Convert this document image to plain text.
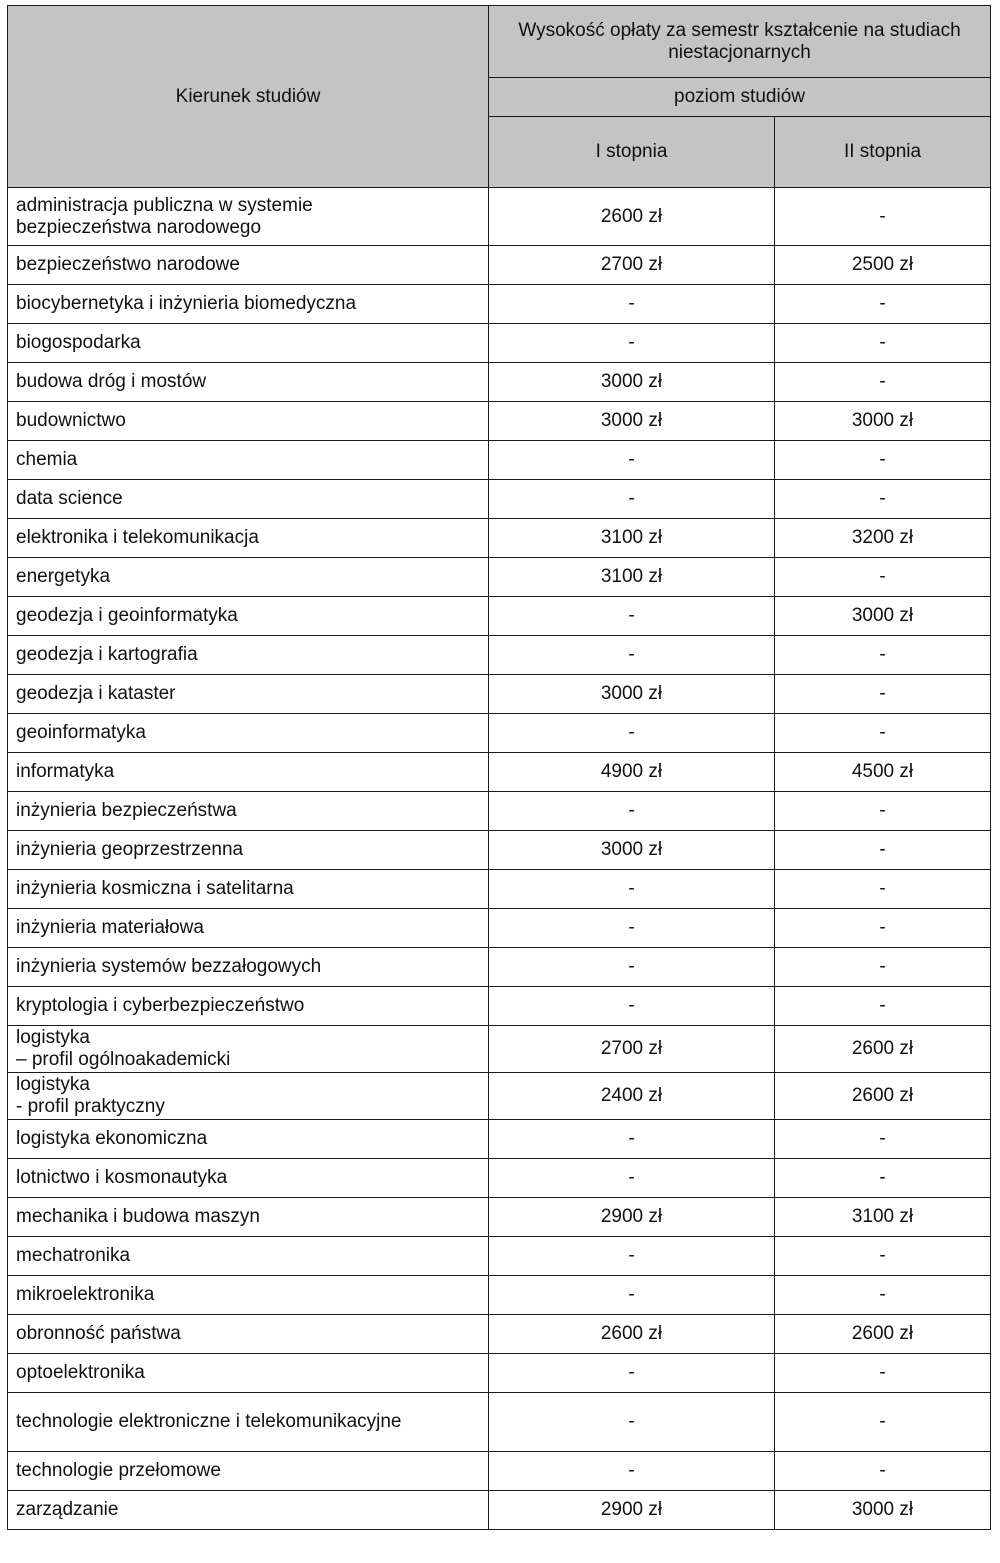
Kierunek studiów	Wysokość opłaty za semestr kształcenie na studiach niestacjonarnych	
	poziom studiów	
	I stopnia	II stopnia
administracja publiczna w systemie bezpieczeństwa narodowego	2600 zł	-
bezpieczeństwo narodowe	2700 zł	2500 zł
biocybernetyka i inżynieria biomedyczna	-	-
biogospodarka	-	-
budowa dróg i mostów	3000 zł	-
budownictwo	3000 zł	3000 zł
chemia	-	-
data science	-	-
elektronika i telekomunikacja	3100 zł	3200 zł
energetyka	3100 zł	-
geodezja i geoinformatyka	-	3000 zł
geodezja i kartografia	-	-
geodezja i kataster	3000 zł	-
geoinformatyka	-	-
informatyka	4900 zł	4500 zł
inżynieria bezpieczeństwa	-	-
inżynieria geoprzestrzenna	3000 zł	-
inżynieria kosmiczna i satelitarna	-	-
inżynieria materiałowa	-	-
inżynieria systemów bezzałogowych	-	-
kryptologia i cyberbezpieczeństwo	-	-
logistyka
– profil ogólnoakademicki	2700 zł	2600 zł
logistyka
- profil praktyczny	2400 zł	2600 zł
logistyka ekonomiczna	-	-
lotnictwo i kosmonautyka	-	-
mechanika i budowa maszyn	2900 zł	3100 zł
mechatronika	-	-
mikroelektronika	-	-
obronność państwa	2600 zł	2600 zł
optoelektronika	-	-
technologie elektroniczne i telekomunikacyjne	-	-
technologie przełomowe	-	-
zarządzanie	2900 zł	3000 zł
